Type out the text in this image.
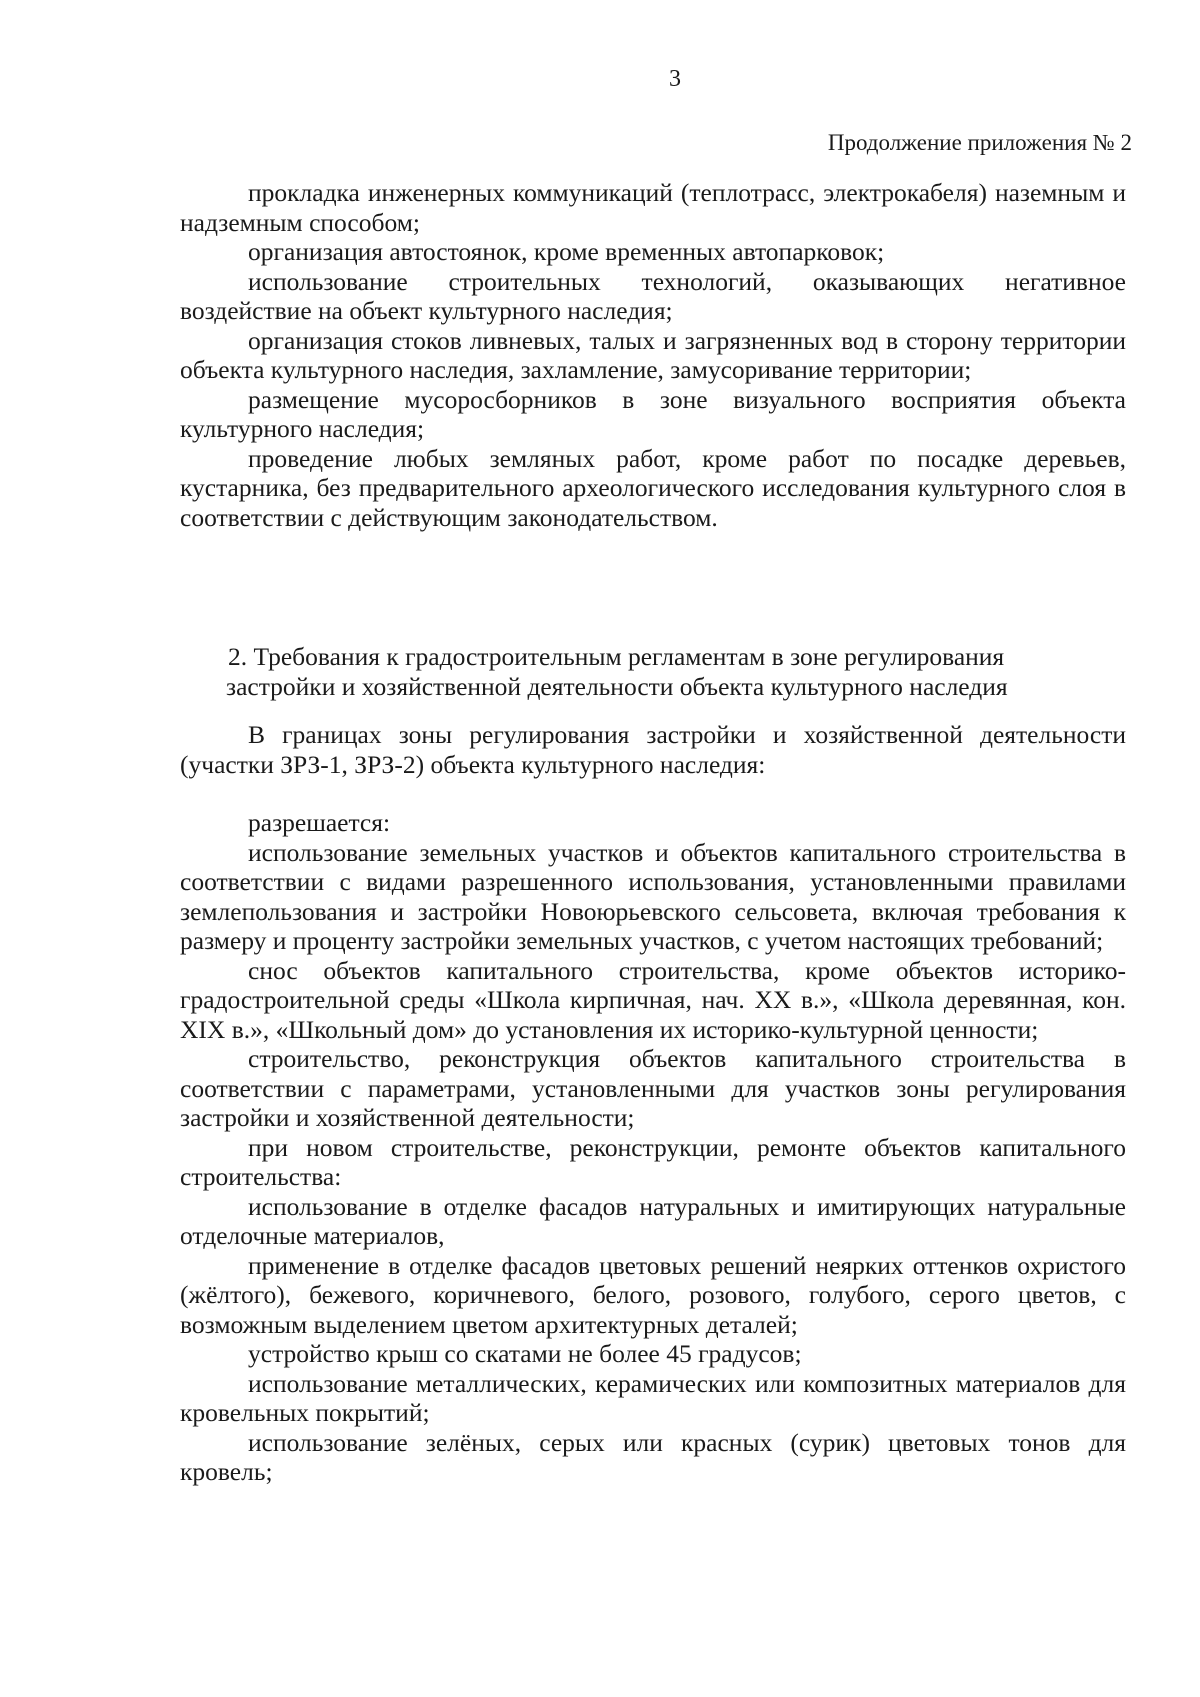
3
Продолжение приложения № 2

прокладка инженерных коммуникаций (теплотрасс, электрокабеля) наземным и надземным способом;

организация автостоянок, кроме временных автопарковок;

использование строительных технологий, оказывающих негативное воздействие на объект культурного наследия;

организация стоков ливневых, талых и загрязненных вод в сторону территории объекта культурного наследия, захламление, замусоривание территории;

размещение мусоросборников в зоне визуального восприятия объекта культурного наследия;

проведение любых земляных работ, кроме работ по посадке деревьев, кустарника, без предварительного археологического исследования культурного слоя в соответствии с действующим законодательством.

2. Требования к градостроительным регламентам в зоне регулирования

застройки и хозяйственной деятельности объекта культурного наследия

В границах зоны регулирования застройки и хозяйственной деятельности (участки ЗРЗ-1, ЗРЗ-2) объекта культурного наследия:

разрешается:

использование земельных участков и объектов капитального строительства в соответствии с видами разрешенного использования, установленными правилами землепользования и застройки Новоюрьевского сельсовета, включая требования к размеру и проценту застройки земельных участков, с учетом настоящих требований;

снос объектов капитального строительства, кроме объектов историко-градостроительной среды «Школа кирпичная, нач. XX в.», «Школа деревянная, кон. XIX в.», «Школьный дом» до установления их историко-культурной ценности;

строительство, реконструкция объектов капитального строительства в соответствии с параметрами, установленными для участков зоны регулирования застройки и хозяйственной деятельности;

при новом строительстве, реконструкции, ремонте объектов капитального строительства:

использование в отделке фасадов натуральных и имитирующих натуральные отделочные материалов,

применение в отделке фасадов цветовых решений неярких оттенков охристого (жёлтого), бежевого, коричневого, белого, розового, голубого, серого цветов, с возможным выделением цветом архитектурных деталей;

устройство крыш со скатами не более 45 градусов;

использование металлических, керамических или композитных материалов для кровельных покрытий;

использование зелёных, серых или красных (сурик) цветовых тонов для кровель;
